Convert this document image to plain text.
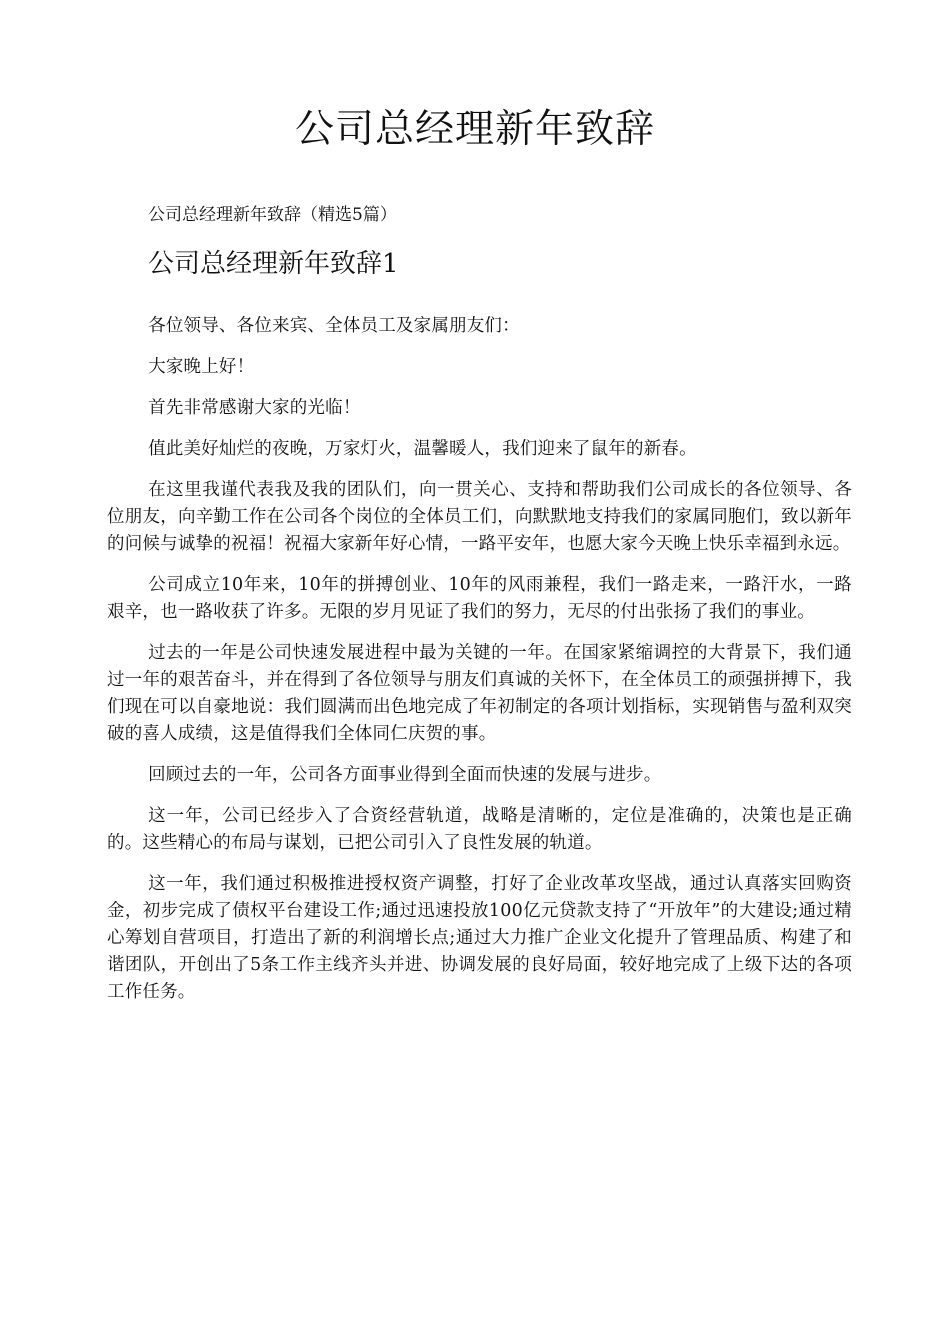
公司总经理新年致辞

公司总经理新年致辞（精选5篇）

公司总经理新年致辞1

各位领导、各位来宾、全体员工及家属朋友们：

大家晚上好！

首先非常感谢大家的光临！

值此美好灿烂的夜晚，万家灯火，温馨暖人，我们迎来了鼠年的新春。

在这里我谨代表我及我的团队们，向一贯关心、支持和帮助我们公司成长的各位领导、各位朋友，向辛勤工作在公司各个岗位的全体员工们，向默默地支持我们的家属同胞们，致以新年的问候与诚挚的祝福！祝福大家新年好心情，一路平安年，也愿大家今天晚上快乐幸福到永远。

公司成立10年来，10年的拼搏创业、10年的风雨兼程，我们一路走来，一路汗水，一路艰辛，也一路收获了许多。无限的岁月见证了我们的努力，无尽的付出张扬了我们的事业。

过去的一年是公司快速发展进程中最为关键的一年。在国家紧缩调控的大背景下，我们通过一年的艰苦奋斗，并在得到了各位领导与朋友们真诚的关怀下，在全体员工的顽强拼搏下，我们现在可以自豪地说：我们圆满而出色地完成了年初制定的各项计划指标，实现销售与盈利双突破的喜人成绩，这是值得我们全体同仁庆贺的事。

回顾过去的一年，公司各方面事业得到全面而快速的发展与进步。

这一年，公司已经步入了合资经营轨道，战略是清晰的，定位是准确的，决策也是正确的。这些精心的布局与谋划，已把公司引入了良性发展的轨道。

这一年，我们通过积极推进授权资产调整，打好了企业改革攻坚战，通过认真落实回购资金，初步完成了债权平台建设工作;通过迅速投放100亿元贷款支持了“开放年”的大建设;通过精心筹划自营项目，打造出了新的利润增长点;通过大力推广企业文化提升了管理品质、构建了和谐团队，开创出了5条工作主线齐头并进、协调发展的良好局面，较好地完成了上级下达的各项工作任务。
